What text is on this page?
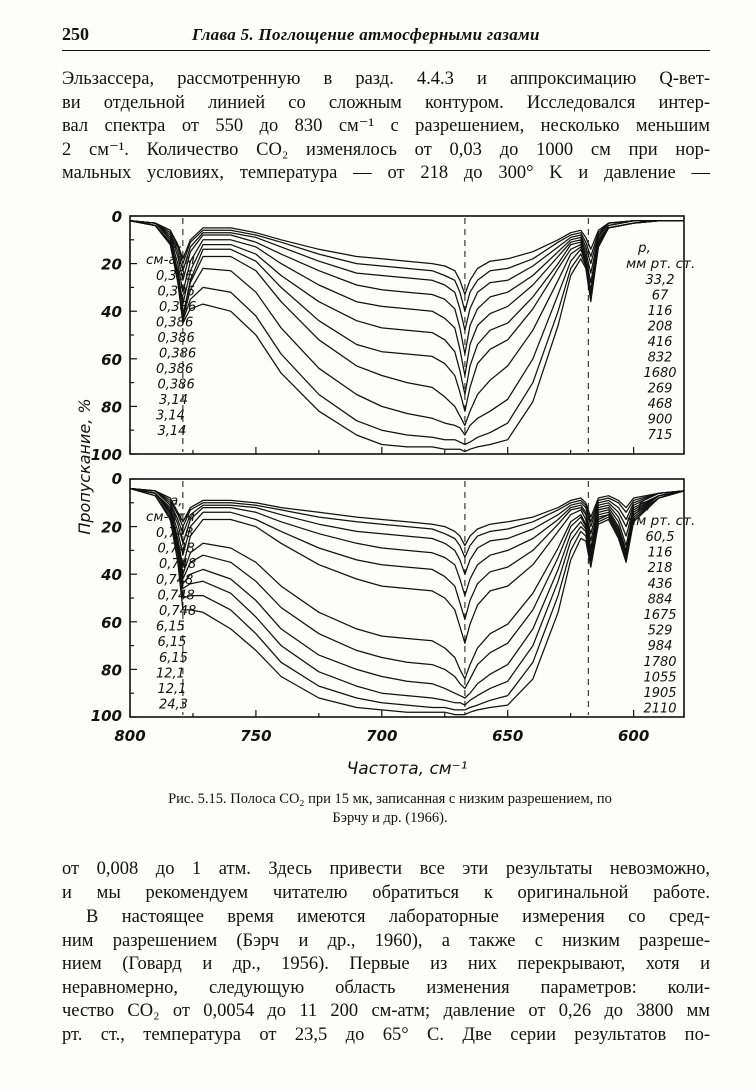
250	Глава 5. Поглощение атмосферными газами
Эльзассера, рассмотренную в разд. 4.4.3 и аппроксимацию Q-вет-
ви отдельной линией со сложным контуром. Исследовался интер-
вал спектра от 550 до 830 см⁻¹ с разрешением, несколько меньшим
2 см⁻¹. Количество CO₂ изменялось от 0,03 до 1000 см при нор-
мальных условиях, температура — от 218 до 300° K и давление —
0
20
40
60
80
100
0
20
40
60
80
100
800	750	700	650	600
Частота, см⁻¹
Пропускание, %
a,
см-атм
0,386
0,306
0,386
0,386
0,386
0,386
0,386
0,386
3,14
3,14
3,14
p,
мм рт. ст.
33,2
67
116
208
416
832
1680
269
468
900
715
a,
см-атм
0,748
0,748
0,748
0,748
0,748
0,748
6,15
6,15
6,15
12,1
12,1
24,3
p,
мм рт. ст.
60,5
116
218
436
884
1675
529
984
1780
1055
1905
2110
Рис. 5.15. Полоса CO₂ при 15 мк, записанная с низким разрешением, по
Бэрчу и др. (1966).
от 0,008 до 1 атм. Здесь привести все эти результаты невозможно,
и мы рекомендуем читателю обратиться к оригинальной работе.
В настоящее время имеются лабораторные измерения со сред-
ним разрешением (Бэрч и др., 1960), а также с низким разреше-
нием (Говард и др., 1956). Первые из них перекрывают, хотя и
неравномерно, следующую область изменения параметров: коли-
чество CO₂ от 0,0054 до 11 200 см-атм; давление от 0,26 до 3800 мм
рт. ст., температура от 23,5 до 65° С. Две серии результатов по-
